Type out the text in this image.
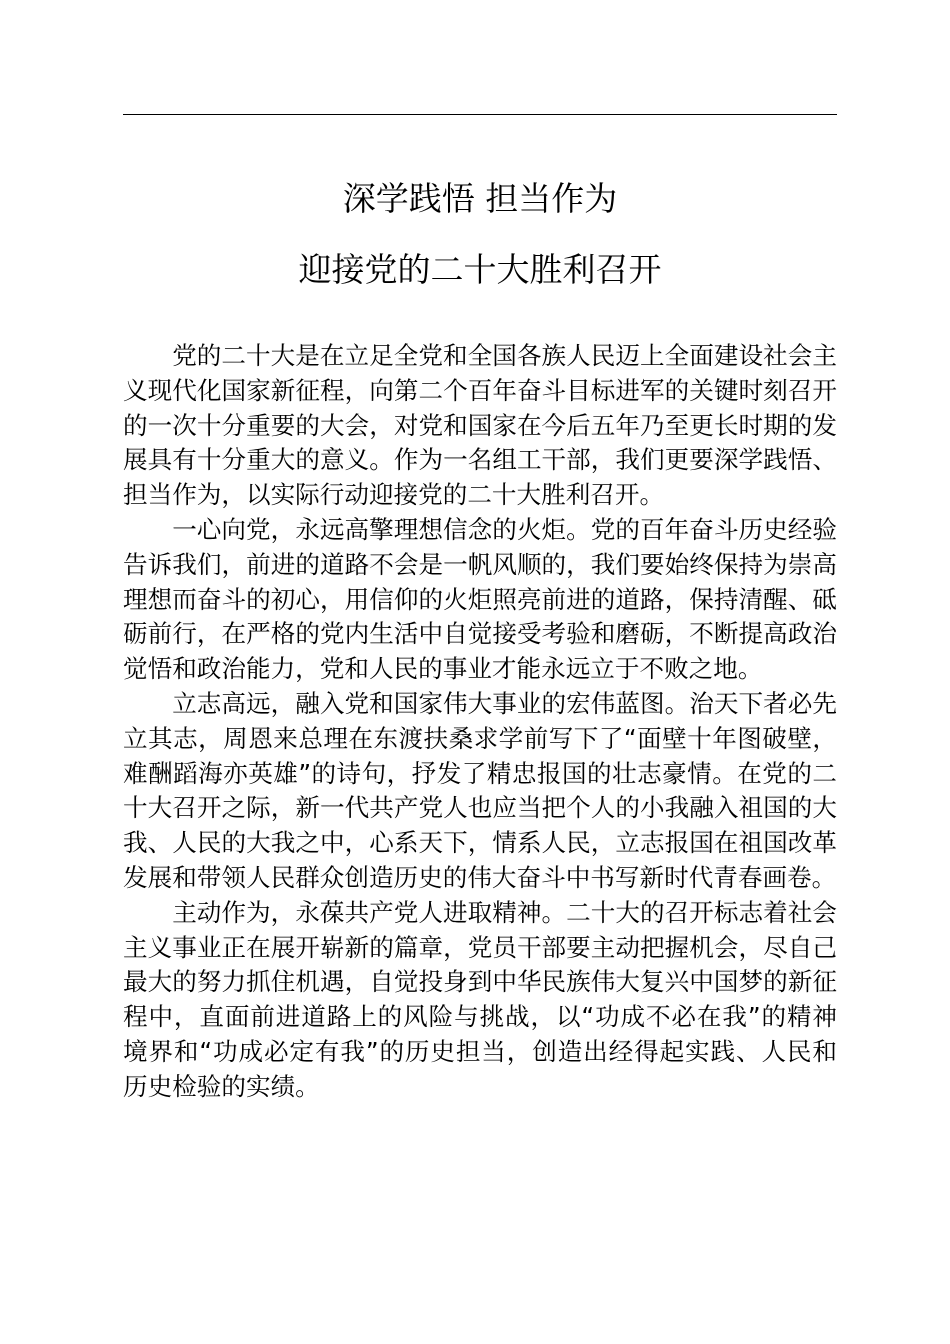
深学践悟 担当作为
迎接党的二十大胜利召开

党的二十大是在立足全党和全国各族人民迈上全面建设社会主义现代化国家新征程，向第二个百年奋斗目标进军的关键时刻召开的一次十分重要的大会，对党和国家在今后五年乃至更长时期的发展具有十分重大的意义。作为一名组工干部，我们更要深学践悟、担当作为，以实际行动迎接党的二十大胜利召开。

一心向党，永远高擎理想信念的火炬。党的百年奋斗历史经验告诉我们，前进的道路不会是一帆风顺的，我们要始终保持为崇高理想而奋斗的初心，用信仰的火炬照亮前进的道路，保持清醒、砥砺前行，在严格的党内生活中自觉接受考验和磨砺，不断提高政治觉悟和政治能力，党和人民的事业才能永远立于不败之地。

立志高远，融入党和国家伟大事业的宏伟蓝图。治天下者必先立其志，周恩来总理在东渡扶桑求学前写下了“面壁十年图破壁，难酬蹈海亦英雄”的诗句，抒发了精忠报国的壮志豪情。在党的二十大召开之际，新一代共产党人也应当把个人的小我融入祖国的大我、人民的大我之中，心系天下，情系人民，立志报国在祖国改革发展和带领人民群众创造历史的伟大奋斗中书写新时代青春画卷。

主动作为，永葆共产党人进取精神。二十大的召开标志着社会主义事业正在展开崭新的篇章，党员干部要主动把握机会，尽自己最大的努力抓住机遇，自觉投身到中华民族伟大复兴中国梦的新征程中，直面前进道路上的风险与挑战，以“功成不必在我”的精神境界和“功成必定有我”的历史担当，创造出经得起实践、人民和历史检验的实绩。
